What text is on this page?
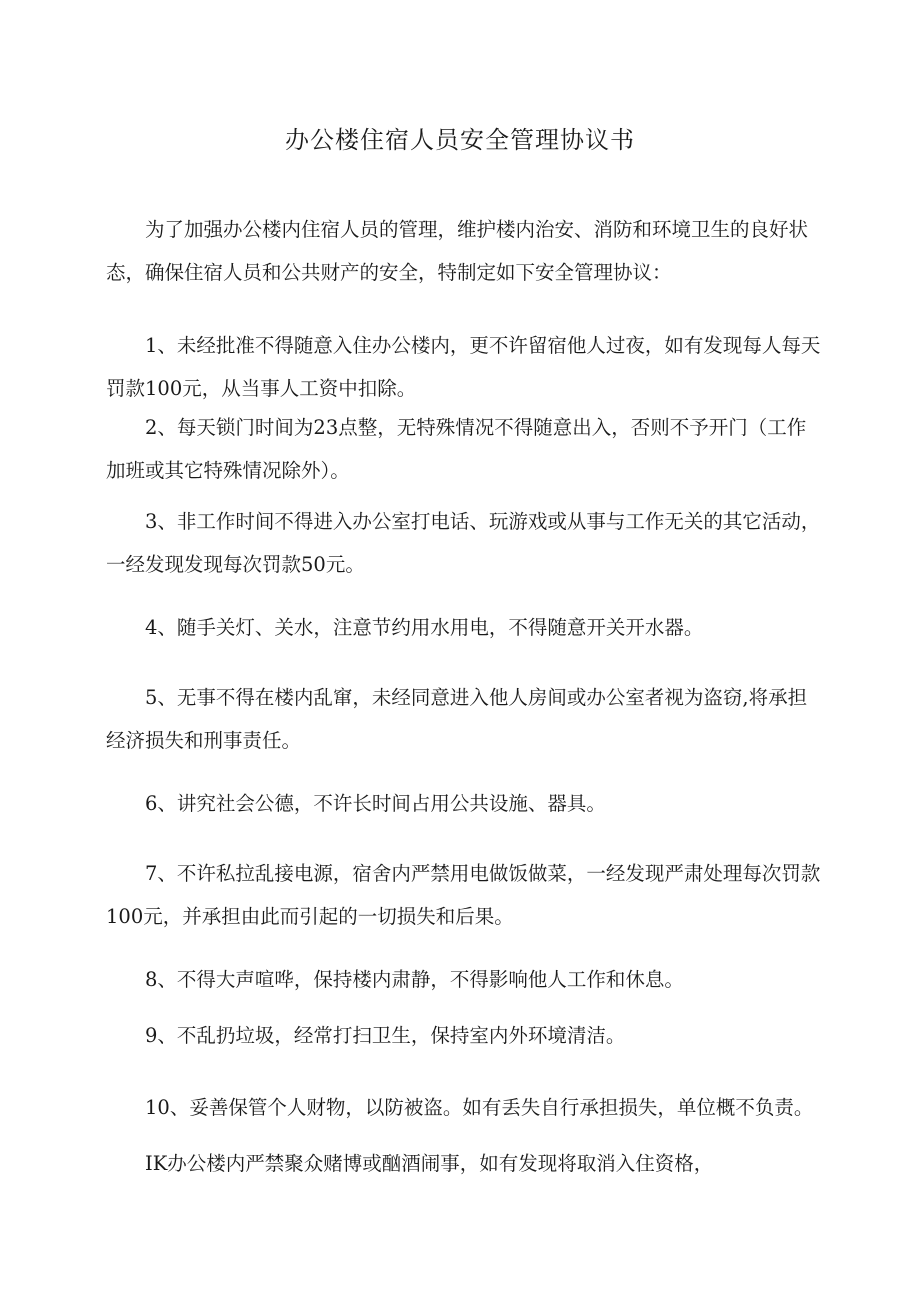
办公楼住宿人员安全管理协议书

为了加强办公楼内住宿人员的管理，维护楼内治安、消防和环境卫生的良好状态，确保住宿人员和公共财产的安全，特制定如下安全管理协议：

1、未经批准不得随意入住办公楼内，更不许留宿他人过夜，如有发现每人每天罚款100元，从当事人工资中扣除。

2、每天锁门时间为23点整，无特殊情况不得随意出入，否则不予开门（工作加班或其它特殊情况除外）。

3、非工作时间不得进入办公室打电话、玩游戏或从事与工作无关的其它活动，一经发现发现每次罚款50元。

4、随手关灯、关水，注意节约用水用电，不得随意开关开水器。

5、无事不得在楼内乱窜，未经同意进入他人房间或办公室者视为盗窃,将承担经济损失和刑事责任。

6、讲究社会公德，不许长时间占用公共设施、器具。

7、不许私拉乱接电源，宿舍内严禁用电做饭做菜，一经发现严肃处理每次罚款100元，并承担由此而引起的一切损失和后果。

8、不得大声喧哗，保持楼内肃静，不得影响他人工作和休息。

9、不乱扔垃圾，经常打扫卫生，保持室内外环境清洁。

10、妥善保管个人财物，以防被盗。如有丢失自行承担损失，单位概不负责。

IK办公楼内严禁聚众赌博或酗酒闹事，如有发现将取消入住资格，
